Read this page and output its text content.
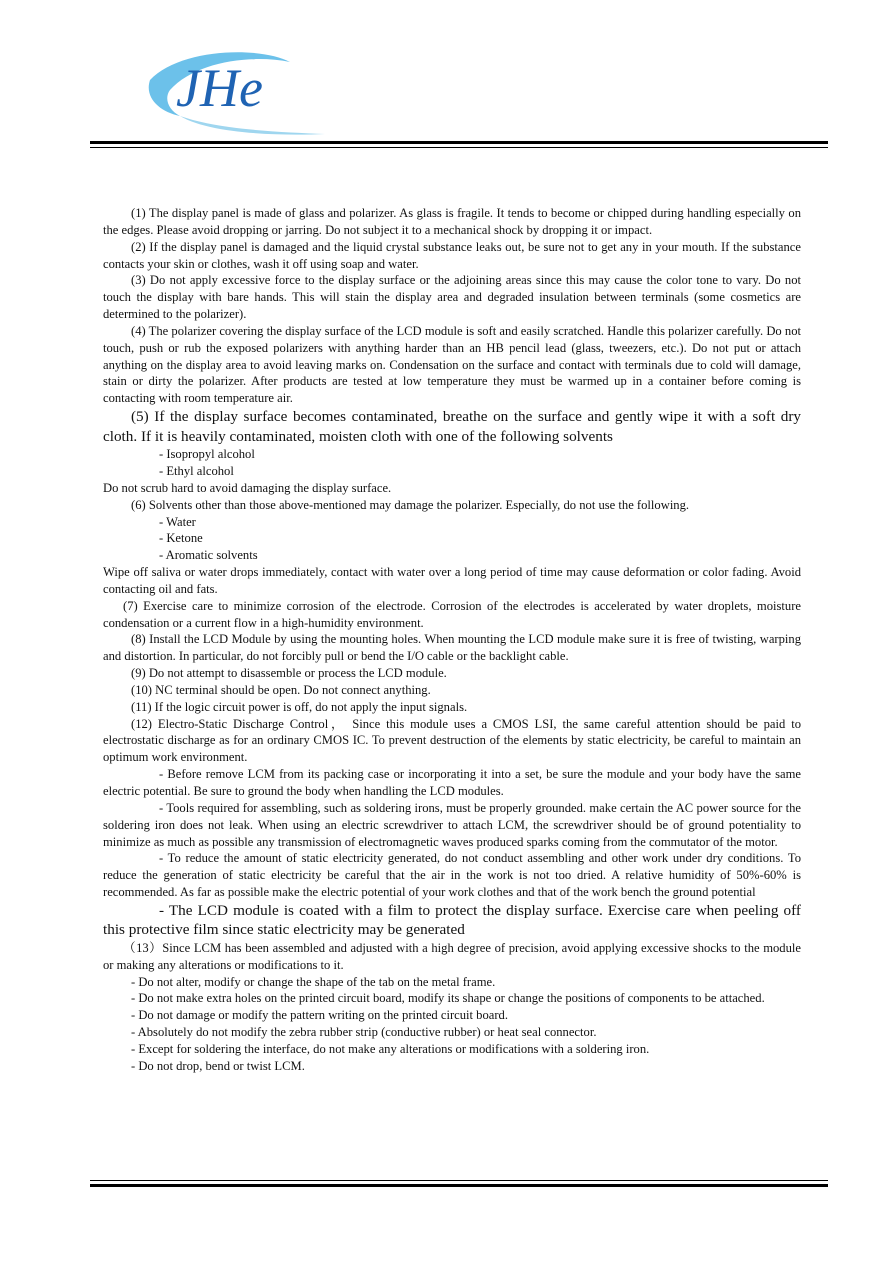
JHe

(1) The display panel is made of glass and polarizer. As glass is fragile. It tends to become or chipped during handling especially on the edges. Please avoid dropping or jarring. Do not subject it to a mechanical shock by dropping it or impact.

(2) If the display panel is damaged and the liquid crystal substance leaks out, be sure not to get any in your mouth. If the substance contacts your skin or clothes, wash it off using soap and water.

(3) Do not apply excessive force to the display surface or the adjoining areas since this may cause the color tone to vary. Do not touch the display with bare hands. This will stain the display area and degraded insulation between terminals (some cosmetics are determined to the polarizer).

(4) The polarizer covering the display surface of the LCD module is soft and easily scratched. Handle this polarizer carefully. Do not touch, push or rub the exposed polarizers with anything harder than an HB pencil lead (glass, tweezers, etc.). Do not put or attach anything on the display area to avoid leaving marks on. Condensation on the surface and contact with terminals due to cold will damage, stain or dirty the polarizer. After products are tested at low temperature they must be warmed up in a container before coming is contacting with room temperature air.

(5) If the display surface becomes contaminated, breathe on the surface and gently wipe it with a soft dry cloth. If it is heavily contaminated, moisten cloth with one of the following solvents

- Isopropyl alcohol

- Ethyl alcohol

Do not scrub hard to avoid damaging the display surface.

(6) Solvents other than those above-mentioned may damage the polarizer. Especially, do not use the following.

- Water

- Ketone

- Aromatic solvents

Wipe off saliva or water drops immediately, contact with water over a long period of time may cause deformation or color fading. Avoid contacting oil and fats.

(7) Exercise care to minimize corrosion of the electrode. Corrosion of the electrodes is accelerated by water droplets, moisture condensation or a current flow in a high-humidity environment.

(8) Install the LCD Module by using the mounting holes. When mounting the LCD module make sure it is free of twisting, warping and distortion. In particular, do not forcibly pull or bend the I/O cable or the backlight cable.

(9) Do not attempt to disassemble or process the LCD module.

(10) NC terminal should be open. Do not connect anything.

(11) If the logic circuit power is off, do not apply the input signals.

(12) Electro-Static Discharge Control， Since this module uses a CMOS LSI, the same careful attention should be paid to electrostatic discharge as for an ordinary CMOS IC. To prevent destruction of the elements by static electricity, be careful to maintain an optimum work environment.

- Before remove LCM from its packing case or incorporating it into a set, be sure the module and your body have the same electric potential. Be sure to ground the body when handling the LCD modules.

- Tools required for assembling, such as soldering irons, must be properly grounded. make certain the AC power source for the soldering iron does not leak. When using an electric screwdriver to attach LCM, the screwdriver should be of ground potentiality to minimize as much as possible any transmission of electromagnetic waves produced sparks coming from the commutator of the motor.

- To reduce the amount of static electricity generated, do not conduct assembling and other work under dry conditions. To reduce the generation of static electricity be careful that the air in the work is not too dried. A relative humidity of 50%-60% is recommended. As far as possible make the electric potential of your work clothes and that of the work bench the ground potential

- The LCD module is coated with a film to protect the display surface. Exercise care when peeling off this protective film since static electricity may be generated

（13）Since LCM has been assembled and adjusted with a high degree of precision, avoid applying excessive shocks to the module or making any alterations or modifications to it.

- Do not alter, modify or change the shape of the tab on the metal frame.

- Do not make extra holes on the printed circuit board, modify its shape or change the positions of components to be attached.

- Do not damage or modify the pattern writing on the printed circuit board.

- Absolutely do not modify the zebra rubber strip (conductive rubber) or heat seal connector.

- Except for soldering the interface, do not make any alterations or modifications with a soldering iron.

- Do not drop, bend or twist LCM.
